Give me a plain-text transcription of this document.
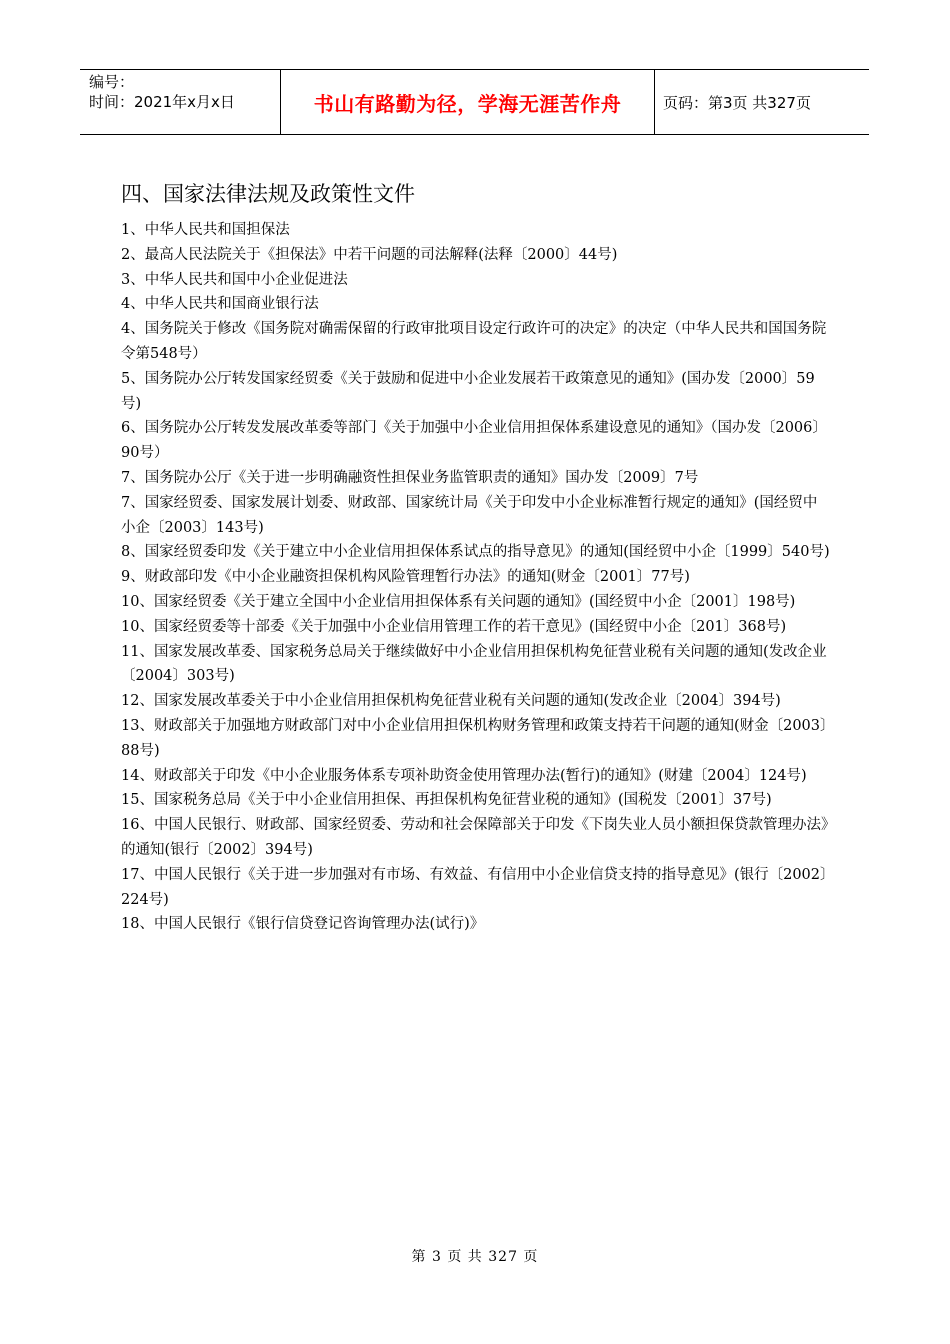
编号：
时间：2021年x月x日	书山有路勤为径，学海无涯苦作舟	页码：第3页 共327页
四、国家法律法规及政策性文件
1、中华人民共和国担保法
2、最高人民法院关于《担保法》中若干问题的司法解释(法释〔2000〕44号)
3、中华人民共和国中小企业促进法
4、中华人民共和国商业银行法
4、国务院关于修改《国务院对确需保留的行政审批项目设定行政许可的决定》的决定（中华人民共和国国务院令第548号）
5、国务院办公厅转发国家经贸委《关于鼓励和促进中小企业发展若干政策意见的通知》(国办发〔2000〕59号)
6、国务院办公厅转发发展改革委等部门《关于加强中小企业信用担保体系建设意见的通知》（国办发〔2006〕90号）
7、国务院办公厅《关于进一步明确融资性担保业务监管职责的通知》国办发〔2009〕7号
7、国家经贸委、国家发展计划委、财政部、国家统计局《关于印发中小企业标准暂行规定的通知》(国经贸中小企〔2003〕143号)
8、国家经贸委印发《关于建立中小企业信用担保体系试点的指导意见》的通知(国经贸中小企〔1999〕540号)
9、财政部印发《中小企业融资担保机构风险管理暂行办法》的通知(财金〔2001〕77号)
10、国家经贸委《关于建立全国中小企业信用担保体系有关问题的通知》(国经贸中小企〔2001〕198号)
10、国家经贸委等十部委《关于加强中小企业信用管理工作的若干意见》(国经贸中小企〔201〕368号)
11、国家发展改革委、国家税务总局关于继续做好中小企业信用担保机构免征营业税有关问题的通知(发改企业〔2004〕303号)
12、国家发展改革委关于中小企业信用担保机构免征营业税有关问题的通知(发改企业〔2004〕394号)
13、财政部关于加强地方财政部门对中小企业信用担保机构财务管理和政策支持若干问题的通知(财金〔2003〕88号)
14、财政部关于印发《中小企业服务体系专项补助资金使用管理办法(暂行)的通知》(财建〔2004〕124号)
15、国家税务总局《关于中小企业信用担保、再担保机构免征营业税的通知》(国税发〔2001〕37号)
16、中国人民银行、财政部、国家经贸委、劳动和社会保障部关于印发《下岗失业人员小额担保贷款管理办法》的通知(银行〔2002〕394号)
17、中国人民银行《关于进一步加强对有市场、有效益、有信用中小企业信贷支持的指导意见》(银行〔2002〕224号)
18、中国人民银行《银行信贷登记咨询管理办法(试行)》
第 3 页 共 327 页
